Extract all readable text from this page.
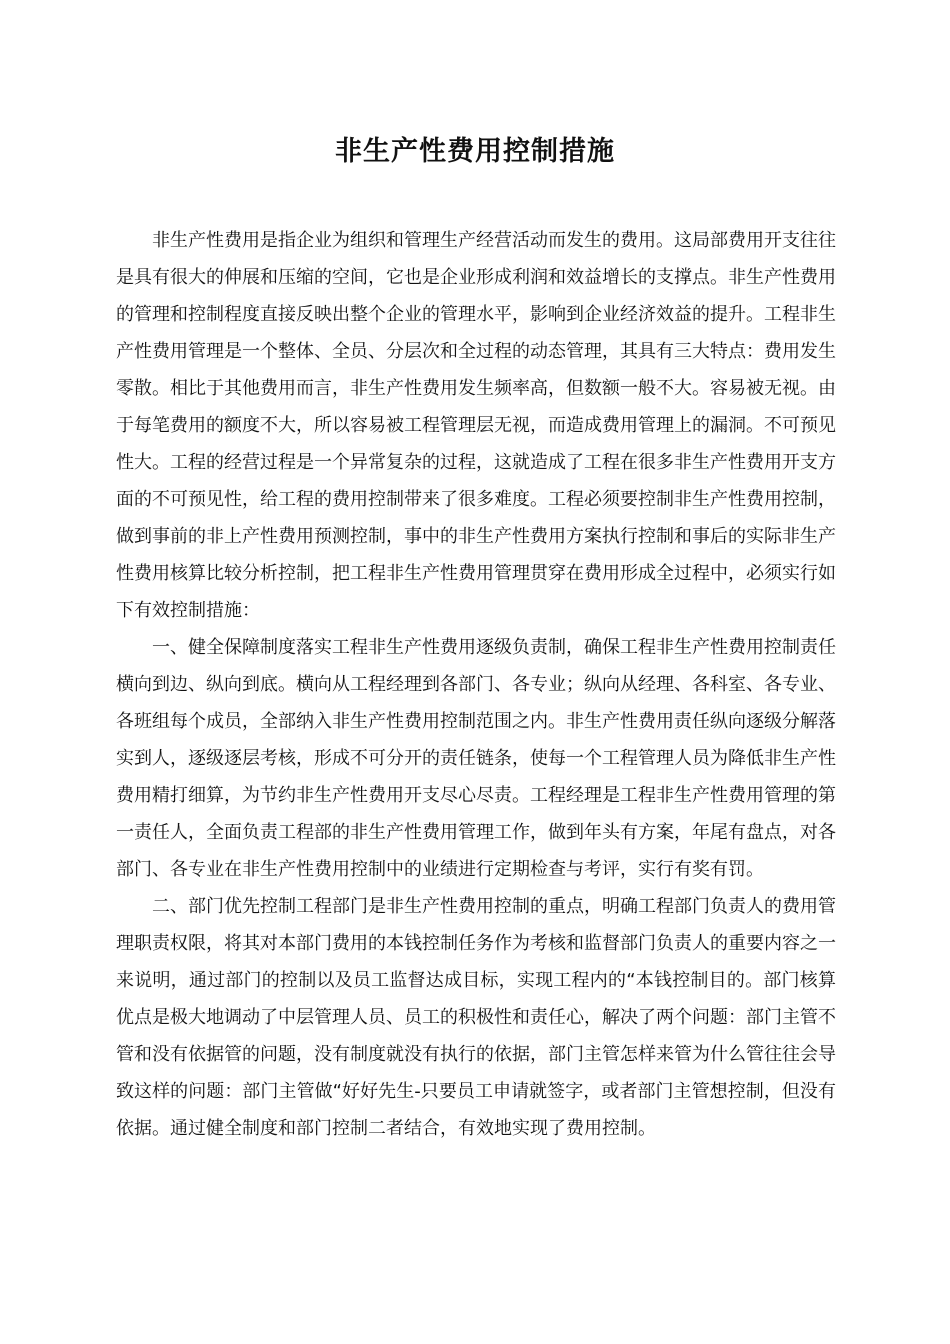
非生产性费用控制措施

非生产性费用是指企业为组织和管理生产经营活动而发生的费用。这局部费用开支往往是具有很大的伸展和压缩的空间，它也是企业形成利润和效益增长的支撑点。非生产性费用的管理和控制程度直接反映出整个企业的管理水平，影响到企业经济效益的提升。工程非生产性费用管理是一个整体、全员、分层次和全过程的动态管理，其具有三大特点：费用发生零散。相比于其他费用而言，非生产性费用发生频率高，但数额一般不大。容易被无视。由于每笔费用的额度不大，所以容易被工程管理层无视，而造成费用管理上的漏洞。不可预见性大。工程的经营过程是一个异常复杂的过程，这就造成了工程在很多非生产性费用开支方面的不可预见性，给工程的费用控制带来了很多难度。工程必须要控制非生产性费用控制，做到事前的非上产性费用预测控制，事中的非生产性费用方案执行控制和事后的实际非生产性费用核算比较分析控制，把工程非生产性费用管理贯穿在费用形成全过程中，必须实行如下有效控制措施：

一、健全保障制度落实工程非生产性费用逐级负责制，确保工程非生产性费用控制责任横向到边、纵向到底。横向从工程经理到各部门、各专业；纵向从经理、各科室、各专业、各班组每个成员，全部纳入非生产性费用控制范围之内。非生产性费用责任纵向逐级分解落实到人，逐级逐层考核，形成不可分开的责任链条，使每一个工程管理人员为降低非生产性费用精打细算，为节约非生产性费用开支尽心尽责。工程经理是工程非生产性费用管理的第一责任人，全面负责工程部的非生产性费用管理工作，做到年头有方案，年尾有盘点，对各部门、各专业在非生产性费用控制中的业绩进行定期检查与考评，实行有奖有罚。

二、部门优先控制工程部门是非生产性费用控制的重点，明确工程部门负责人的费用管理职责权限，将其对本部门费用的本钱控制任务作为考核和监督部门负责人的重要内容之一来说明，通过部门的控制以及员工监督达成目标，实现工程内的“本钱控制目的。部门核算优点是极大地调动了中层管理人员、员工的积极性和责任心，解决了两个问题：部门主管不管和没有依据管的问题，没有制度就没有执行的依据，部门主管怎样来管为什么管往往会导致这样的问题：部门主管做“好好先生-只要员工申请就签字，或者部门主管想控制，但没有依据。通过健全制度和部门控制二者结合，有效地实现了费用控制。
